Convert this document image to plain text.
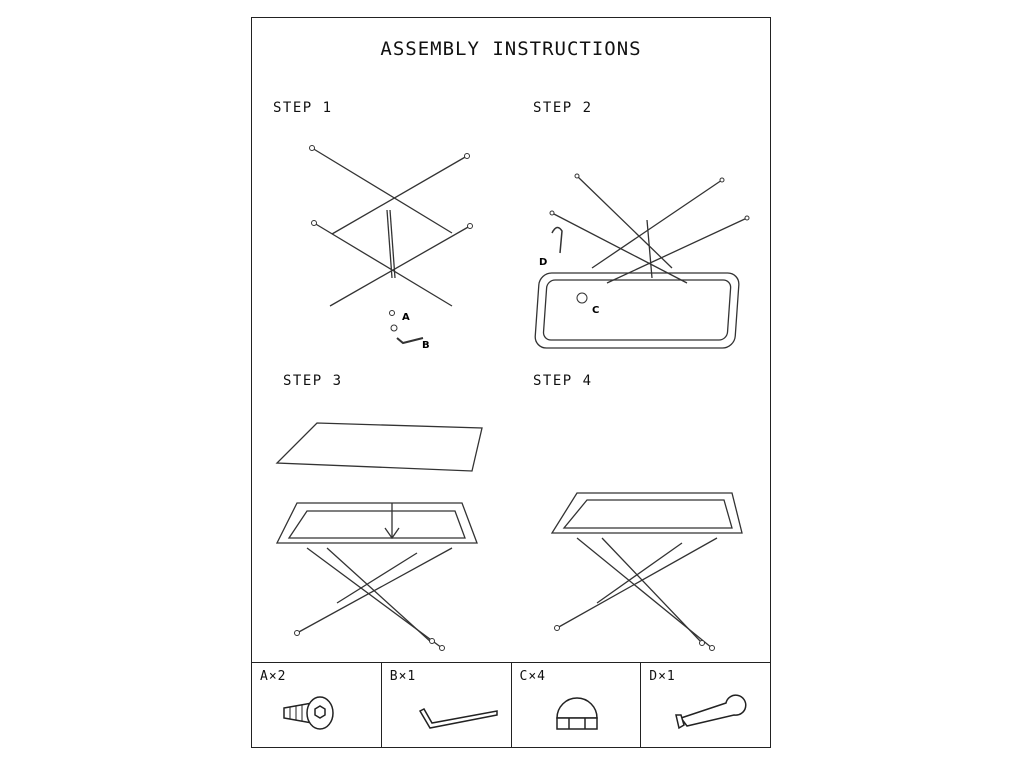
ASSEMBLY INSTRUCTIONS
STEP 1
A
B
STEP 2
D
C
STEP 3	STEP 4
A×2	B×1	C×4	D×1
